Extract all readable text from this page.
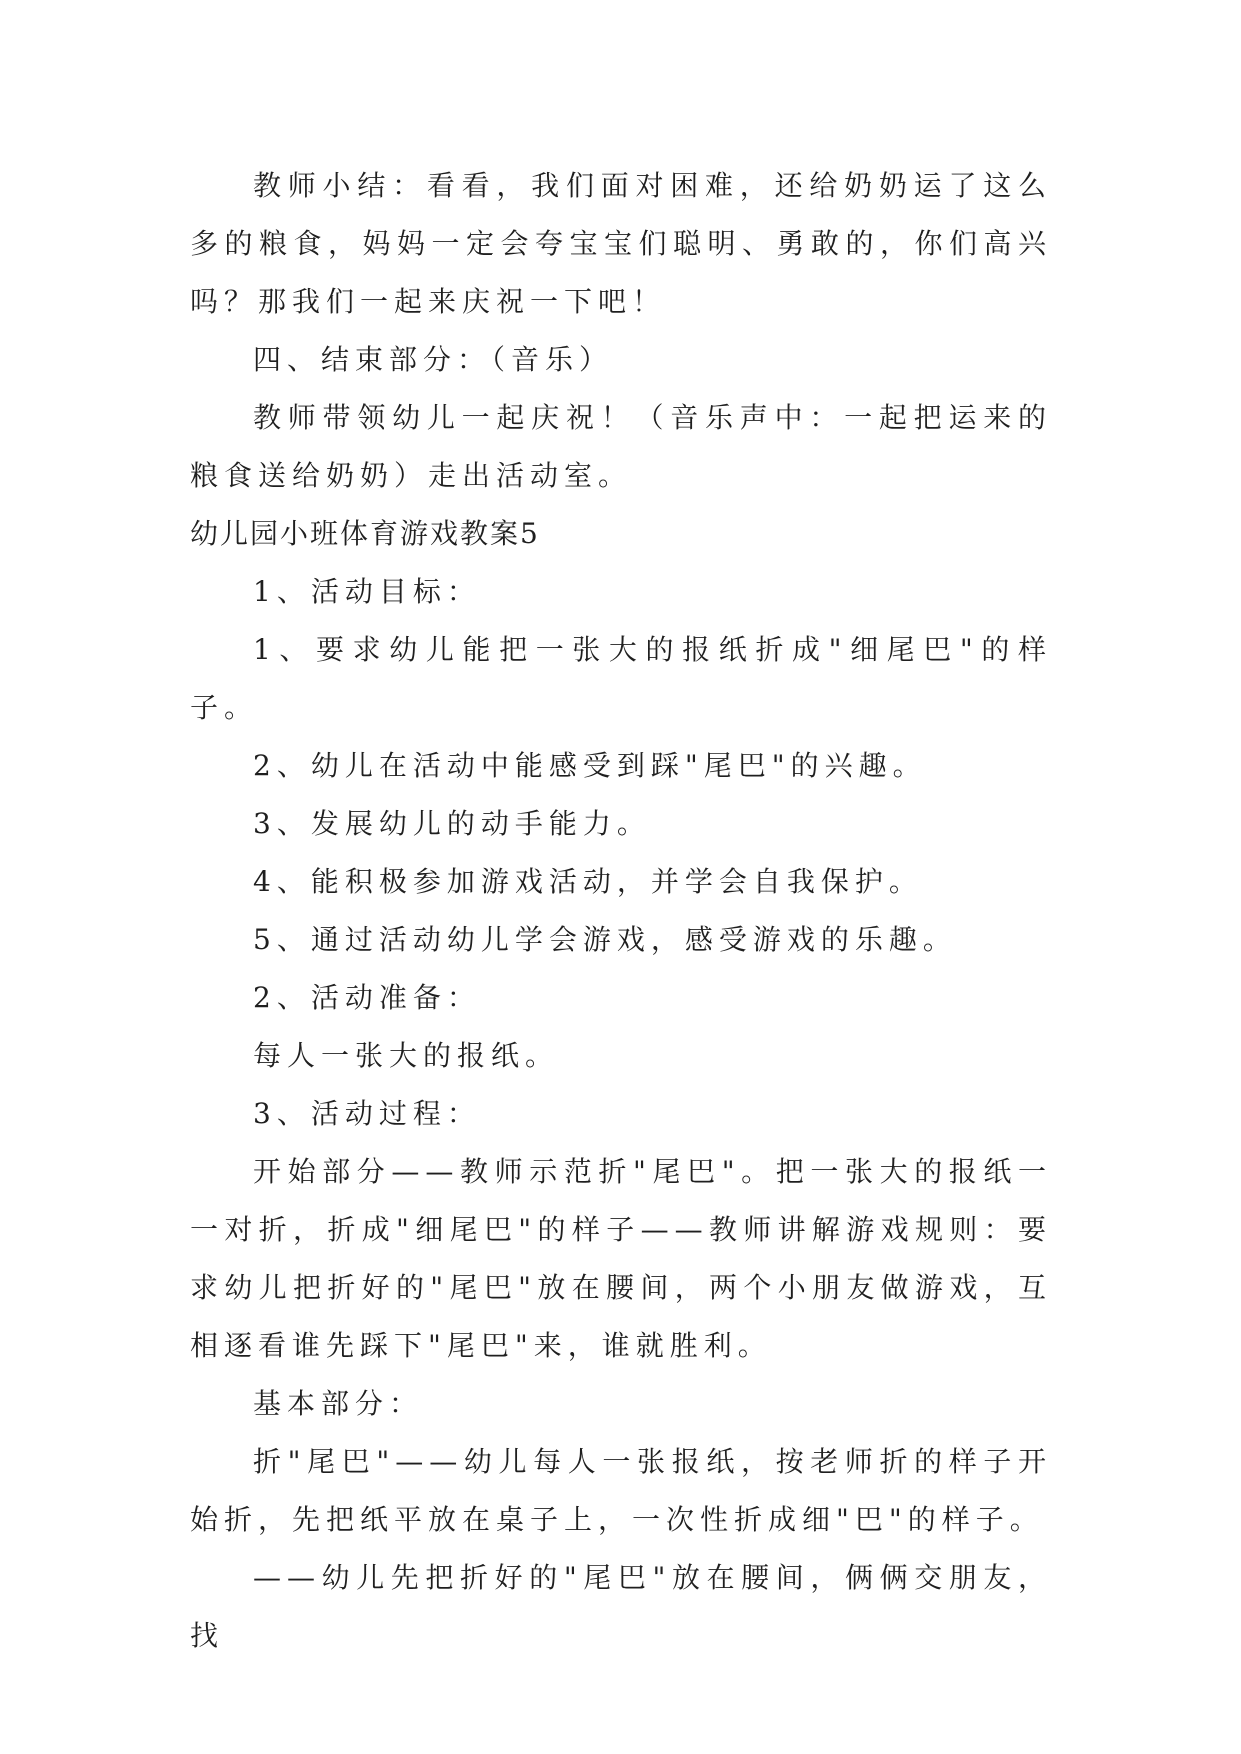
教师小结：看看，我们面对困难，还给奶奶运了这么多的粮食，妈妈一定会夸宝宝们聪明、勇敢的，你们高兴吗？那我们一起来庆祝一下吧！

四、结束部分：（音乐）

教师带领幼儿一起庆祝！（音乐声中：一起把运来的粮食送给奶奶）走出活动室。

幼儿园小班体育游戏教案5

1、活动目标：

1、要求幼儿能把一张大的报纸折成"细尾巴"的样子。

2、幼儿在活动中能感受到踩"尾巴"的兴趣。

3、发展幼儿的动手能力。

4、能积极参加游戏活动，并学会自我保护。

5、通过活动幼儿学会游戏，感受游戏的乐趣。

2、活动准备：

每人一张大的报纸。

3、活动过程：

开始部分——教师示范折"尾巴"。把一张大的报纸一一对折，折成"细尾巴"的样子——教师讲解游戏规则：要求幼儿把折好的"尾巴"放在腰间，两个小朋友做游戏，互相逐看谁先踩下"尾巴"来，谁就胜利。

基本部分：

折"尾巴"——幼儿每人一张报纸，按老师折的样子开始折，先把纸平放在桌子上，一次性折成细"巴"的样子。

——幼儿先把折好的"尾巴"放在腰间，俩俩交朋友，找
